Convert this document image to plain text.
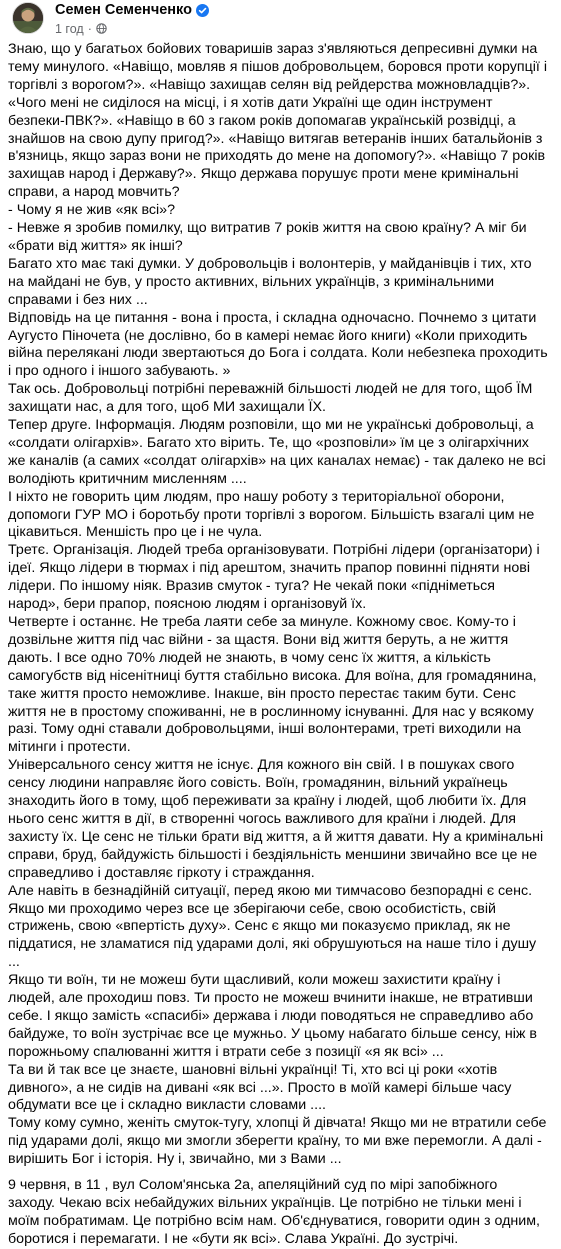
Семен Семенченко
1 год ·

Знаю, що у багатьох бойових товаришів зараз з'являються депресивні думки на тему минулого. «Навіщо, мовляв я пішов добровольцем, боровся проти корупції і торгівлі з ворогом?». «Навіщо захищав селян від рейдерства можновладців?». «Чого мені не сиділося на місці, і я хотів дати Україні ще один інструмент безпеки-ПВК?». «Навіщо в 60 з гаком років допомагав українській розвідці, а знайшов на свою дупу пригод?». «Навіщо витягав ветеранів інших батальйонів з в'язниць, якщо зараз вони не приходять до мене на допомогу?». «Навіщо 7 років захищав народ і Державу?». Якщо держава порушує проти мене кримінальні справи, а народ мовчить?

- Чому я не жив «як всі»?

- Невже я зробив помилку, що витратив 7 років життя на свою країну? А міг би «брати від життя» як інші?

Багато хто має такі думки. У добровольців і волонтерів, у майданівців і тих, хто на майдані не був, у просто активних, вільних українців, з кримінальними справами і без них ...

Відповідь на це питання - вона і проста, і складна одночасно. Почнемо з цитати Аугусто Піночета (не дослівно, бо в камері немає його книги) «Коли приходить війна перелякані люди звертаються до Бога і солдата. Коли небезпека проходить і про одного і іншого забувають. »

Так ось. Добровольці потрібні переважній більшості людей не для того, щоб ЇМ захищати нас, а для того, щоб МИ захищали ЇХ.

Тепер друге. Інформація. Людям розповіли, що ми не українські добровольці, а «солдати олігархів». Багато хто вірить. Те, що «розповіли» їм це з олігархічних же каналів (а самих «солдат олігархів» на цих каналах немає) - так далеко не всі володіють критичним мисленням ....

І ніхто не говорить цим людям, про нашу роботу з територіальної оборони, допомоги ГУР МО і боротьбу проти торгівлі з ворогом. Більшість взагалі цим не цікавиться. Меншість про це і не чула.

Третє. Організація. Людей треба організовувати. Потрібні лідери (організатори) і ідеї. Якщо лідери в тюрмах і під арештом, значить прапор повинні підняти нові лідери. По іншому ніяк. Вразив смуток - туга? Не чекай поки «підніметься народ», бери прапор, поясною людям і організовуй їх.

Четверте і останнє. Не треба лаяти себе за минуле. Кожному своє. Кому-то і дозвільне життя під час війни - за щастя. Вони від життя беруть, а не життя дають. І все одно 70% людей не знають, в чому сенс їх життя, а кількість самогубств від нісенітниці буття стабільно висока. Для воїна, для громадянина, таке життя просто неможливе. Інакше, він просто перестає таким бути. Сенс життя не в простому споживанні, не в рослинному існуванні. Для нас у всякому разі. Тому одні ставали добровольцями, інші волонтерами, треті виходили на мітинги і протести.

Універсального сенсу життя не існує. Для кожного він свій. І в пошуках свого сенсу людини направляє його совість. Воїн, громадянин, вільний українець знаходить його в тому, щоб переживати за країну і людей, щоб любити їх. Для нього сенс життя в дії, в створенні чогось важливого для країни і людей. Для захисту їх. Це сенс не тільки брати від життя, а й життя давати. Ну а кримінальні справи, бруд, байдужість більшості і бездіяльність меншини звичайно все це не справедливо і доставляє гіркоту і страждання.

Але навіть в безнадійній ситуації, перед якою ми тимчасово безпорадні є сенс. Якщо ми проходимо через все це зберігаючи себе, свою особистість, свій стрижень, свою «впертість духу». Сенс є якщо ми показуємо приклад, як не піддатися, не зламатися під ударами долі, які обрушуються на наше тіло і душу ...

Якщо ти воїн, ти не можеш бути щасливий, коли можеш захистити країну і людей, але проходиш повз. Ти просто не можеш вчинити інакше, не втративши себе. І якщо замість «спасибі» держава і люди поводяться не справедливо або байдуже, то воїн зустрічає все це мужньо. У цьому набагато більше сенсу, ніж в порожньому спалюванні життя і втрати себе з позиції «я як всі» ...

Та ви й так все це знаєте, шановні вільні українці! Ті, хто всі ці роки «хотів дивного», а не сидів на дивані «як всі ...». Просто в моїй камері більше часу обдумати все це і складно викласти словами ....

Тому кому сумно, женіть смуток-тугу, хлопці й дівчата! Якщо ми не втратили себе під ударами долі, якщо ми змогли зберегти країну, то ми вже перемогли. А далі - вирішить Бог і історія. Ну і, звичайно, ми з Вами ...

9 червня, в 11 , вул Солом'янська 2а, апеляційний суд по мірі запобіжного заходу. Чекаю всіх небайдужих вільних українців. Це потрібно не тільки мені і моїм побратимам. Це потрібно всім нам. Об'єднуватися, говорити один з одним, боротися і перемагати. І не «бути як всі». Слава Україні. До зустрічі.
